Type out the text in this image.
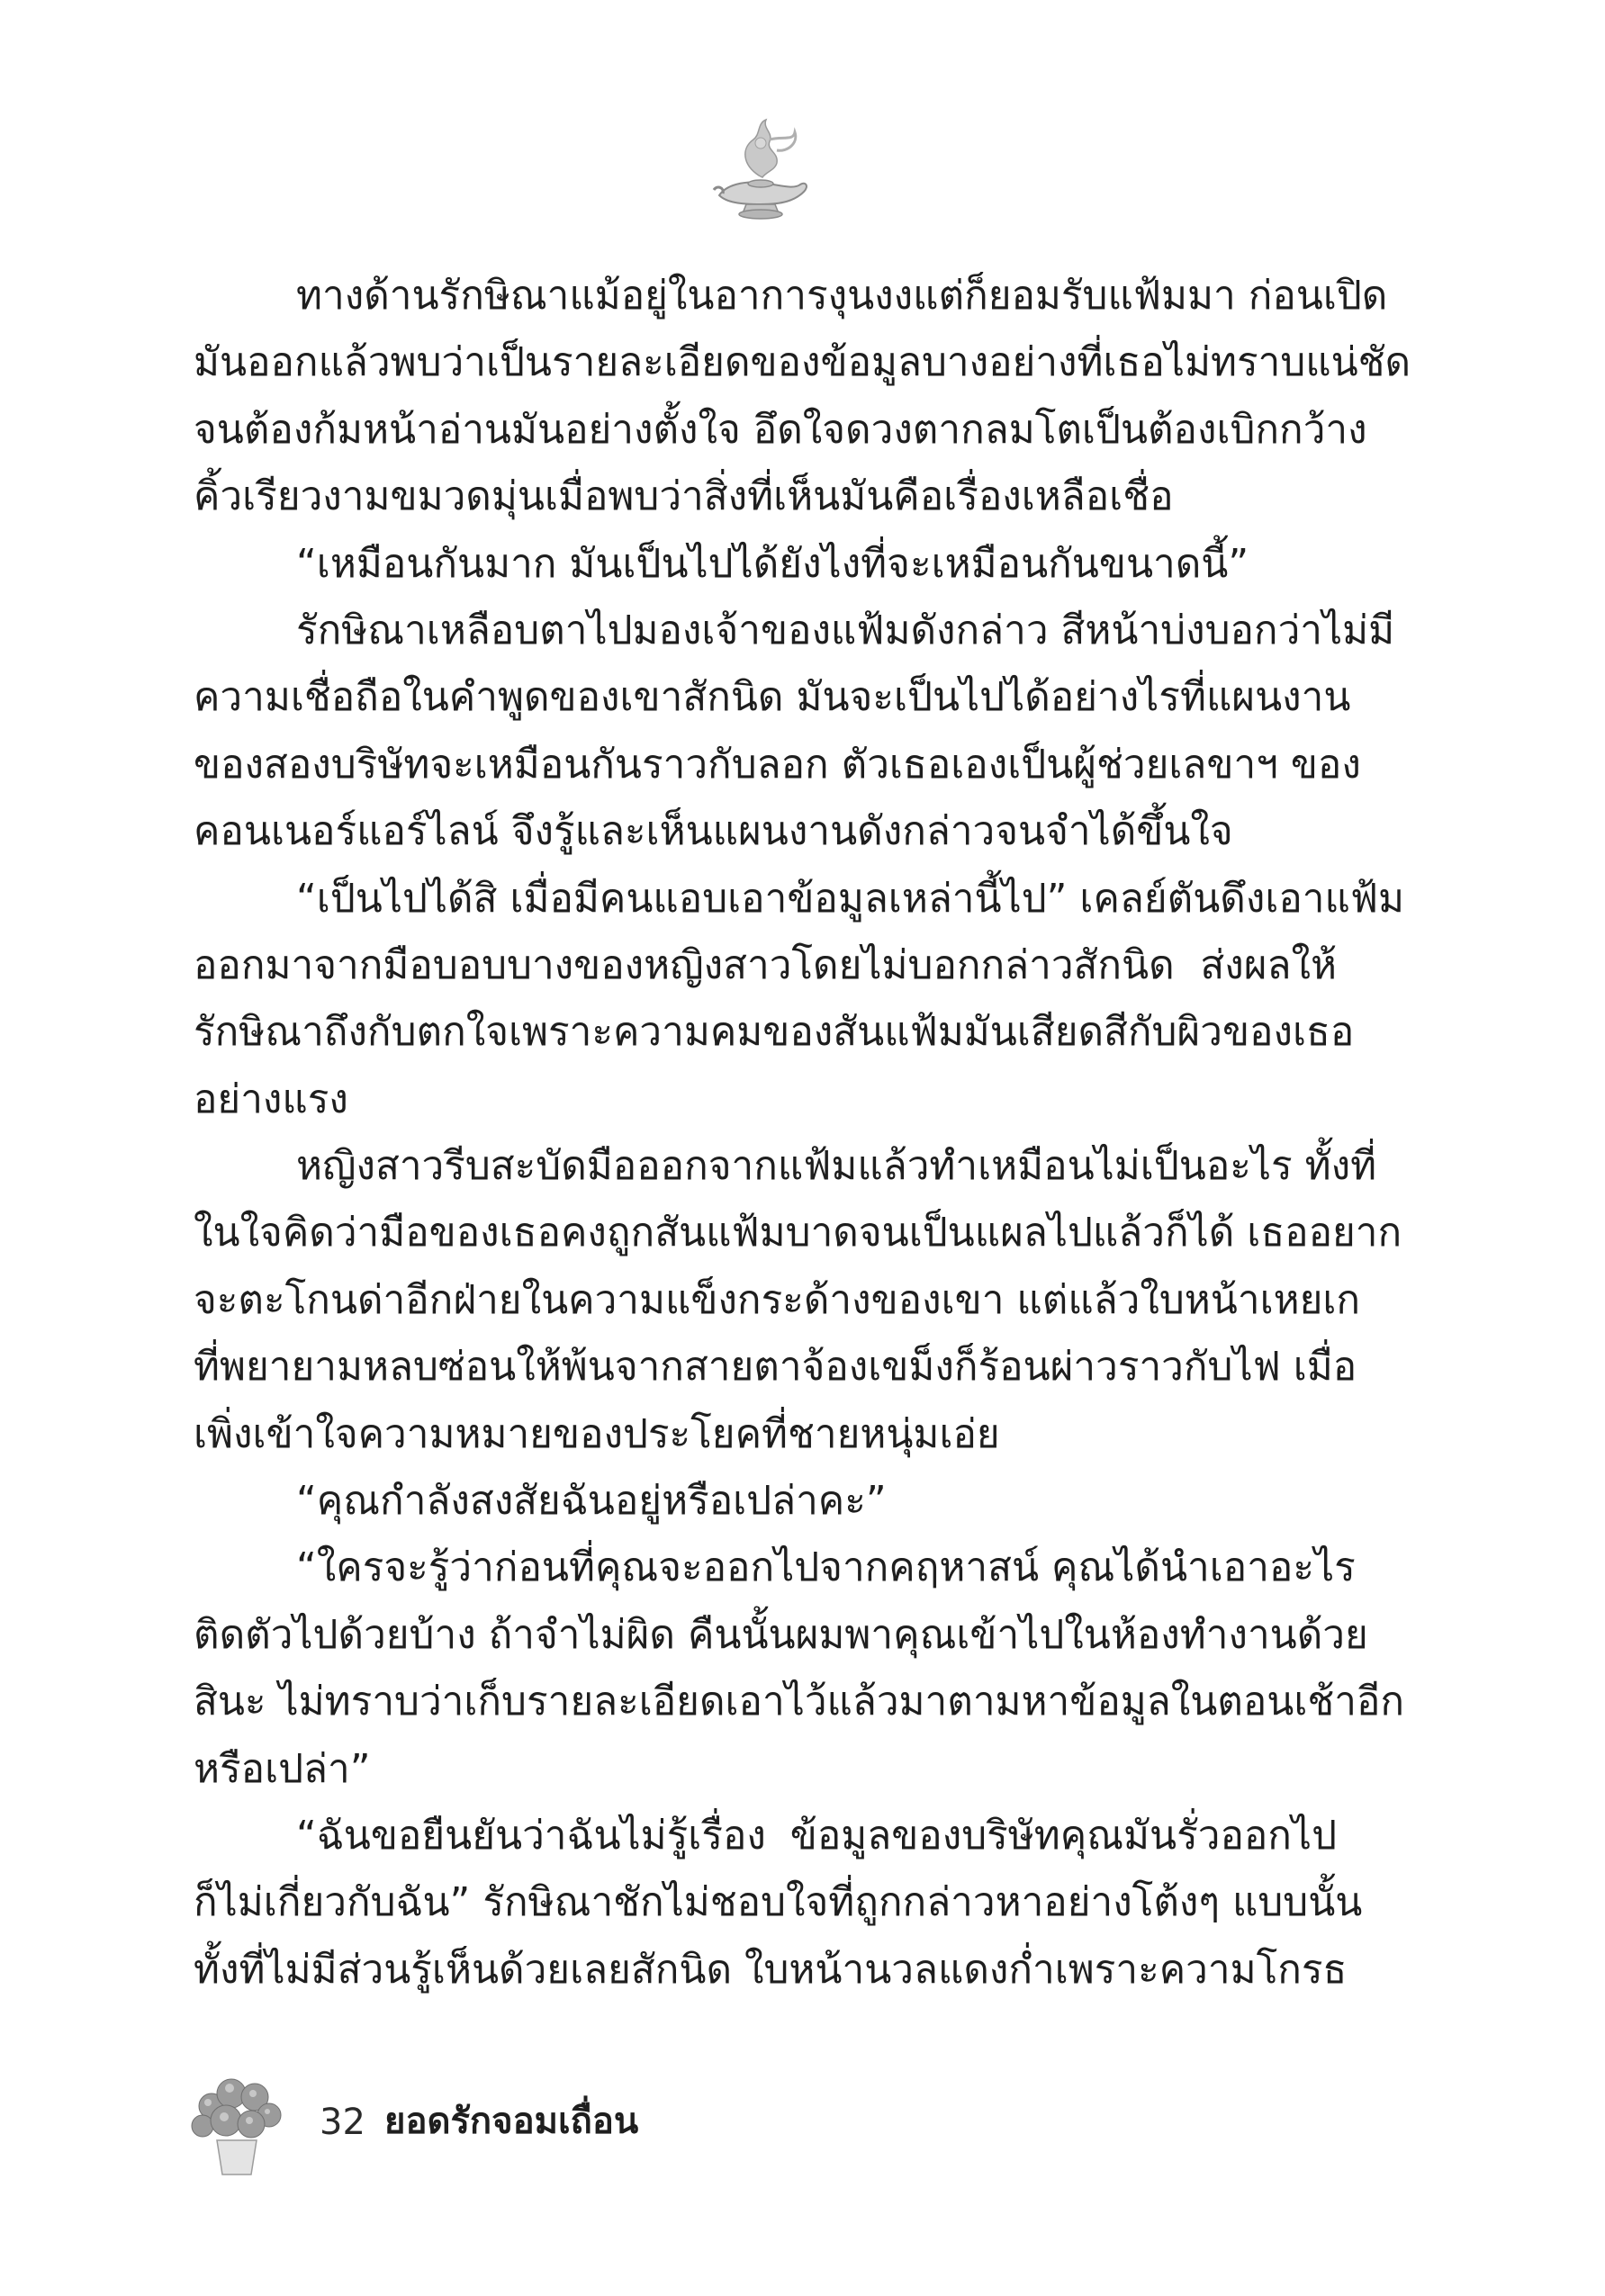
ทางด้านรักษิณาแม้อยู่ในอาการงุนงงแต่ก็ยอมรับแฟ้มมา ก่อนเปิด
มันออกแล้วพบว่าเป็นรายละเอียดของข้อมูลบางอย่างที่เธอไม่ทราบแน่ชัด
จนต้องก้มหน้าอ่านมันอย่างตั้งใจ อึดใจดวงตากลมโตเป็นต้องเบิกกว้าง
คิ้วเรียวงามขมวดมุ่นเมื่อพบว่าสิ่งที่เห็นมันคือเรื่องเหลือเชื่อ
“เหมือนกันมาก มันเป็นไปได้ยังไงที่จะเหมือนกันขนาดนี้”
รักษิณาเหลือบตาไปมองเจ้าของแฟ้มดังกล่าว สีหน้าบ่งบอกว่าไม่มี
ความเชื่อถือในคำพูดของเขาสักนิด มันจะเป็นไปได้อย่างไรที่แผนงาน
ของสองบริษัทจะเหมือนกันราวกับลอก ตัวเธอเองเป็นผู้ช่วยเลขาฯ ของ
คอนเนอร์แอร์ไลน์ จึงรู้และเห็นแผนงานดังกล่าวจนจำได้ขึ้นใจ
“เป็นไปได้สิ เมื่อมีคนแอบเอาข้อมูลเหล่านี้ไป” เคลย์ตันดึงเอาแฟ้ม
ออกมาจากมือบอบบางของหญิงสาวโดยไม่บอกกล่าวสักนิด ส่งผลให้
รักษิณาถึงกับตกใจเพราะความคมของสันแฟ้มมันเสียดสีกับผิวของเธอ
อย่างแรง
หญิงสาวรีบสะบัดมือออกจากแฟ้มแล้วทำเหมือนไม่เป็นอะไร ทั้งที่
ในใจคิดว่ามือของเธอคงถูกสันแฟ้มบาดจนเป็นแผลไปแล้วก็ได้ เธออยาก
จะตะโกนด่าอีกฝ่ายในความแข็งกระด้างของเขา แต่แล้วใบหน้าเหยเก
ที่พยายามหลบซ่อนให้พ้นจากสายตาจ้องเขม็งก็ร้อนผ่าวราวกับไฟ เมื่อ
เพิ่งเข้าใจความหมายของประโยคที่ชายหนุ่มเอ่ย
“คุณกำลังสงสัยฉันอยู่หรือเปล่าคะ”
“ใครจะรู้ว่าก่อนที่คุณจะออกไปจากคฤหาสน์ คุณได้นำเอาอะไร
ติดตัวไปด้วยบ้าง ถ้าจำไม่ผิด คืนนั้นผมพาคุณเข้าไปในห้องทำงานด้วย
สินะ ไม่ทราบว่าเก็บรายละเอียดเอาไว้แล้วมาตามหาข้อมูลในตอนเช้าอีก
หรือเปล่า”
“ฉันขอยืนยันว่าฉันไม่รู้เรื่อง ข้อมูลของบริษัทคุณมันรั่วออกไป
ก็ไม่เกี่ยวกับฉัน” รักษิณาชักไม่ชอบใจที่ถูกกล่าวหาอย่างโต้งๆ แบบนั้น
ทั้งที่ไม่มีส่วนรู้เห็นด้วยเลยสักนิด ใบหน้านวลแดงก่ำเพราะความโกรธ
32 ยอดรักจอมเถื่อน
